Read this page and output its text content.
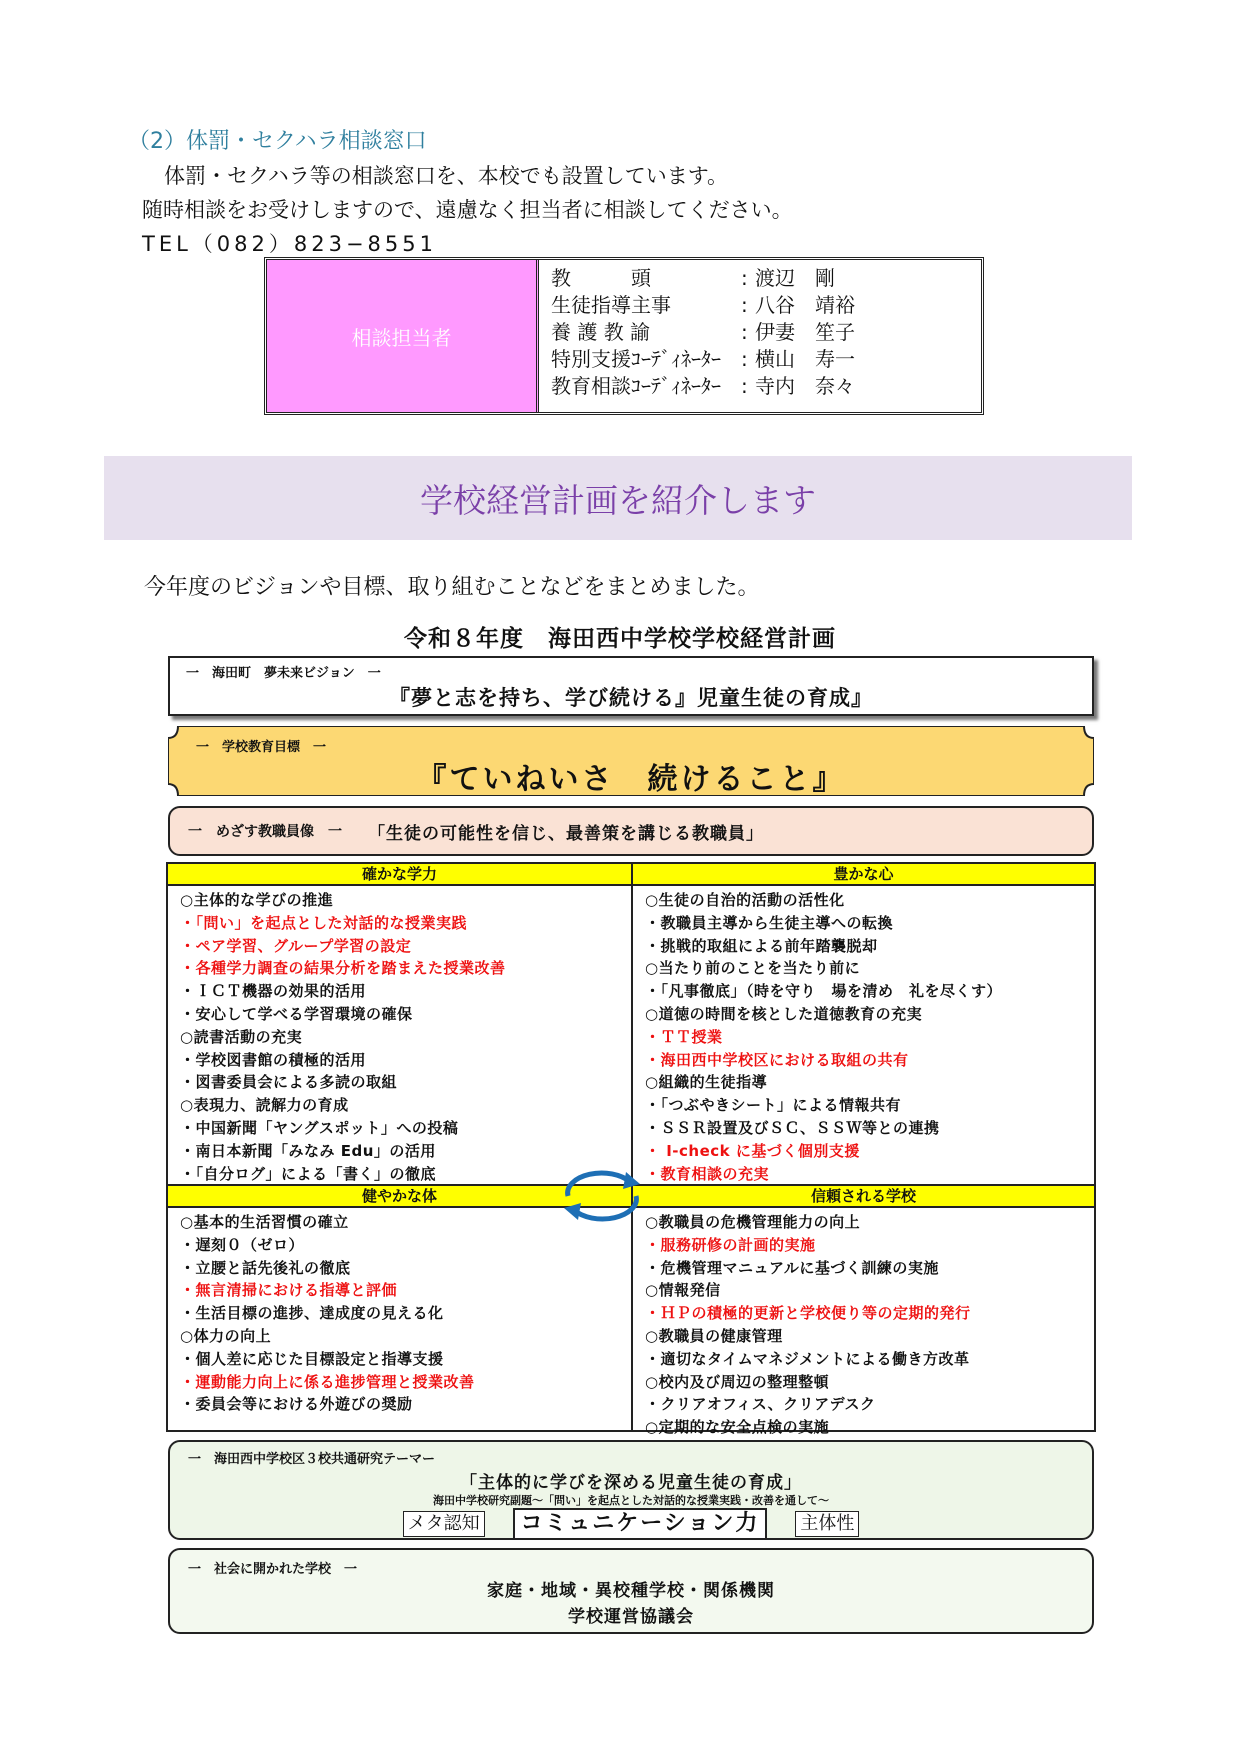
（2）体罰・セクハラ相談窓口
体罰・セクハラ等の相談窓口を、本校でも設置しています。
随時相談をお受けしますので、遠慮なく担当者に相談してください。
TEL（082）823−8551
相談担当者
教　　　頭	: 渡辺　剛
生徒指導主事	: 八谷　靖裕
養 護 教 諭	: 伊妻　笙子
特別支援ｺｰﾃﾞｨﾈｰﾀｰ	: 横山　寿一
教育相談ｺｰﾃﾞｨﾈｰﾀｰ	: 寺内　奈々
学校経営計画を紹介します
今年度のビジョンや目標、取り組むことなどをまとめました。
令和８年度　海田西中学校学校経営計画
一　海田町　夢未来ビジョン　一
『夢と志を持ち、学び続ける』児童生徒の育成』
一　学校教育目標　一
『ていねいさ　続けること』
一　めざす教職員像　一 「生徒の可能性を信じ、最善策を講じる教職員」
確かな学力
○主体的な学びの推進
・「問い」を起点とした対話的な授業実践
・ペア学習、グループ学習の設定
・各種学力調査の結果分析を踏まえた授業改善
・ＩＣＴ機器の効果的活用
・安心して学べる学習環境の確保
○読書活動の充実
・学校図書館の積極的活用
・図書委員会による多読の取組
○表現力、読解力の育成
・中国新聞「ヤングスポット」への投稿
・南日本新聞「みなみ Edu」の活用
・「自分ログ」による「書く」の徹底
豊かな心
○生徒の自治的活動の活性化
・教職員主導から生徒主導への転換
・挑戦的取組による前年踏襲脱却
○当たり前のことを当たり前に
・「凡事徹底」（時を守り　場を清め　礼を尽くす）
○道徳の時間を核とした道徳教育の充実
・ＴＴ授業
・海田西中学校区における取組の共有
○組織的生徒指導
・「つぶやきシート」による情報共有
・ＳＳＲ設置及びＳＣ、ＳＳＷ等との連携
・ I-check に基づく個別支援
・教育相談の充実
健やかな体
○基本的生活習慣の確立
・遅刻０（ゼロ）
・立腰と話先後礼の徹底
・無言清掃における指導と評価
・生活目標の進捗、達成度の見える化
○体力の向上
・個人差に応じた目標設定と指導支援
・運動能力向上に係る進捗管理と授業改善
・委員会等における外遊びの奨励
信頼される学校
○教職員の危機管理能力の向上
・服務研修の計画的実施
・危機管理マニュアルに基づく訓練の実施
○情報発信
・ＨＰの積極的更新と学校便り等の定期的発行
○教職員の健康管理
・適切なタイムマネジメントによる働き方改革
○校内及び周辺の整理整頓
・クリアオフィス、クリアデスク
○定期的な安全点検の実施
一　海田西中学校区３校共通研究テーマー
「主体的に学びを深める児童生徒の育成」
海田中学校研究副題〜「問い」を起点とした対話的な授業実践・改善を通して〜
メタ認知	コミュニケーション力	主体性
一　社会に開かれた学校　一
家庭・地域・異校種学校・関係機関
学校運営協議会
